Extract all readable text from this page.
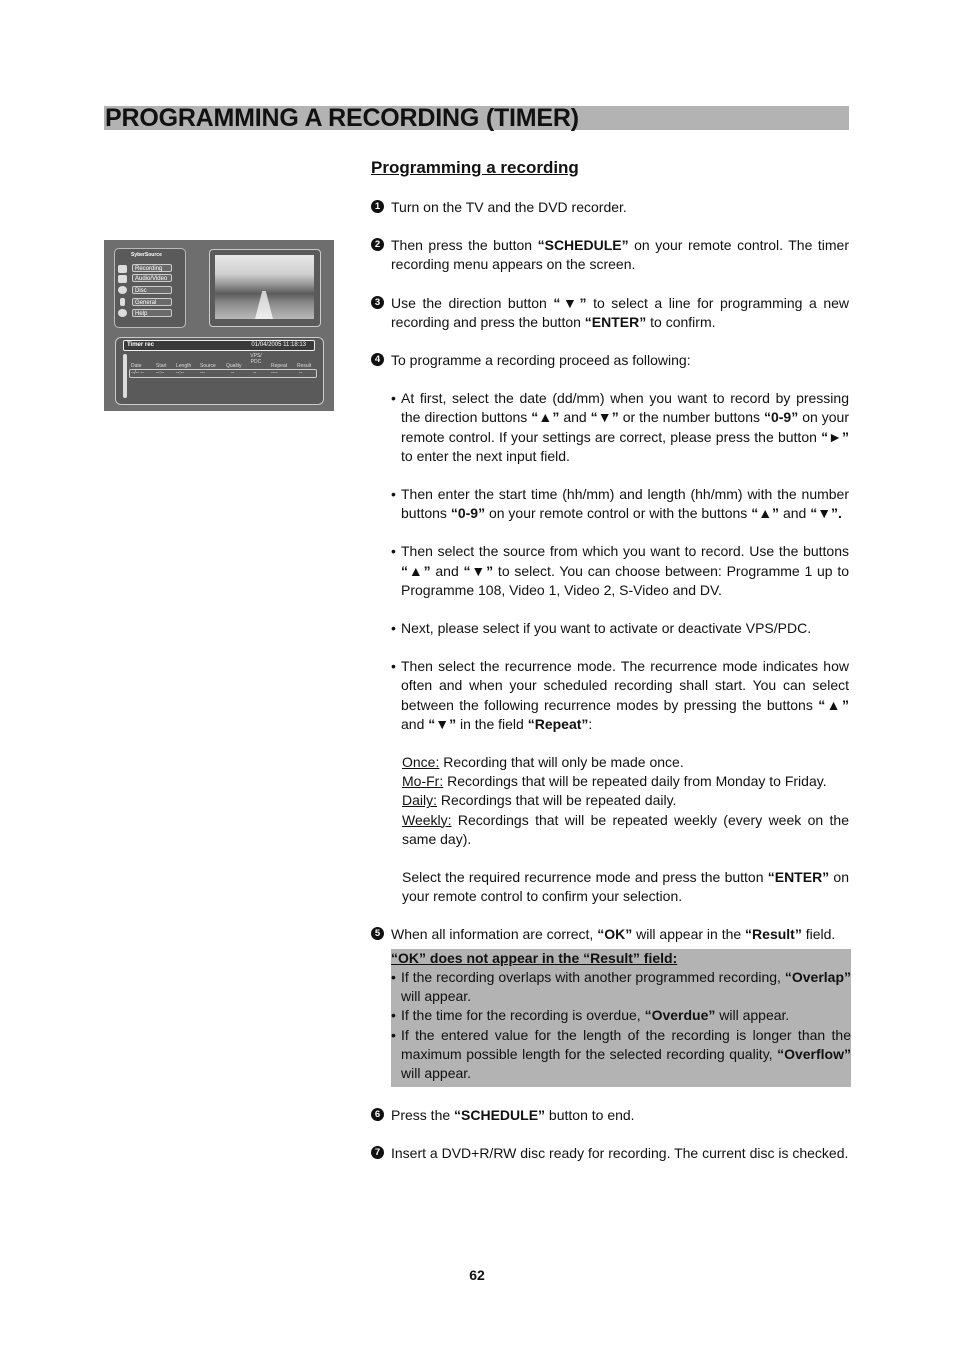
PROGRAMMING A RECORDING (TIMER)
Programming a recording
SyberSource
Recording
Audio/Video
Disc
General
Help
Timer rec	01/04/2005 11:18:13
Date	Start Length Source Quality
VPS/ PDC
Repeat Result
--/-- -- --:-- --:--	---	--	--	----	--
1 Turn on the TV and the DVD recorder.
2 Then press the button “SCHEDULE” on your remote control. The timer recording menu appears on the screen.
3 Use the direction button “▼” to select a line for programming a new recording and press the button “ENTER” to confirm.
4 To programme a recording proceed as following:
• At first, select the date (dd/mm) when you want to record by pressing the direction buttons “▲” and “▼” or the number buttons “0-9” on your remote control. If your settings are correct, please press the button “►” to enter the next input field.
• Then enter the start time (hh/mm) and length (hh/mm) with the number buttons “0-9” on your remote control or with the buttons “▲” and “▼”.
• Then select the source from which you want to record. Use the buttons “▲” and “▼” to select. You can choose between: Programme 1 up to Programme 108, Video 1, Video 2, S-Video and DV.
• Next, please select if you want to activate or deactivate VPS/PDC.
• Then select the recurrence mode. The recurrence mode indicates how often and when your scheduled recording shall start. You can select between the following recurrence modes by pressing the buttons “▲” and “▼” in the field “Repeat”:
Once: Recording that will only be made once.
Mo-Fr: Recordings that will be repeated daily from Monday to Friday.
Daily: Recordings that will be repeated daily.
Weekly: Recordings that will be repeated weekly (every week on the same day).
Select the required recurrence mode and press the button “ENTER” on your remote control to confirm your selection.
5 When all information are correct, “OK” will appear in the “Result” field.
“OK” does not appear in the “Result” field:
• If the recording overlaps with another programmed recording, “Overlap” will appear.
• If the time for the recording is overdue, “Overdue” will appear.
• If the entered value for the length of the recording is longer than the maximum possible length for the selected recording quality, “Overflow” will appear.
6 Press the “SCHEDULE” button to end.
7 Insert a DVD+R/RW disc ready for recording. The current disc is checked.
62
